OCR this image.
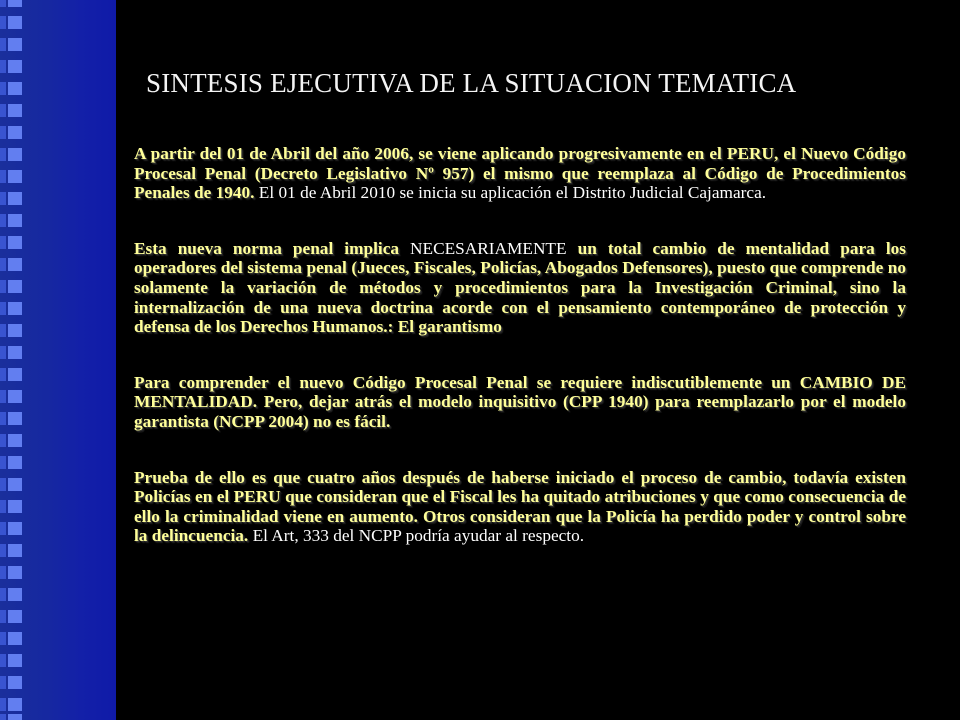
SINTESIS EJECUTIVA DE LA SITUACION TEMATICA

A partir del 01 de Abril del año 2006, se viene aplicando progresivamente en el PERU, el Nuevo Código Procesal Penal (Decreto Legislativo Nº 957) el mismo que reemplaza al Código de Procedimientos Penales de 1940. El 01 de Abril 2010 se inicia su aplicación el Distrito Judicial Cajamarca.

Esta nueva norma penal implica NECESARIAMENTE un total cambio de mentalidad para los operadores del sistema penal (Jueces, Fiscales, Policías, Abogados Defensores), puesto que comprende no solamente la variación de métodos y procedimientos para la Investigación Criminal, sino la internalización de una nueva doctrina acorde con el pensamiento contemporáneo de protección y defensa de los Derechos Humanos.: El garantismo

Para comprender el nuevo Código Procesal Penal se requiere indiscutiblemente un CAMBIO DE MENTALIDAD. Pero, dejar atrás el modelo inquisitivo (CPP 1940) para reemplazarlo por el modelo garantista (NCPP 2004) no es fácil.

Prueba de ello es que cuatro años después de haberse iniciado el proceso de cambio, todavía existen Policías en el PERU que consideran que el Fiscal les ha quitado atribuciones y que como consecuencia de ello la criminalidad viene en aumento. Otros consideran que la Policía ha perdido poder y control sobre la delincuencia. El Art, 333 del NCPP podría ayudar al respecto.
